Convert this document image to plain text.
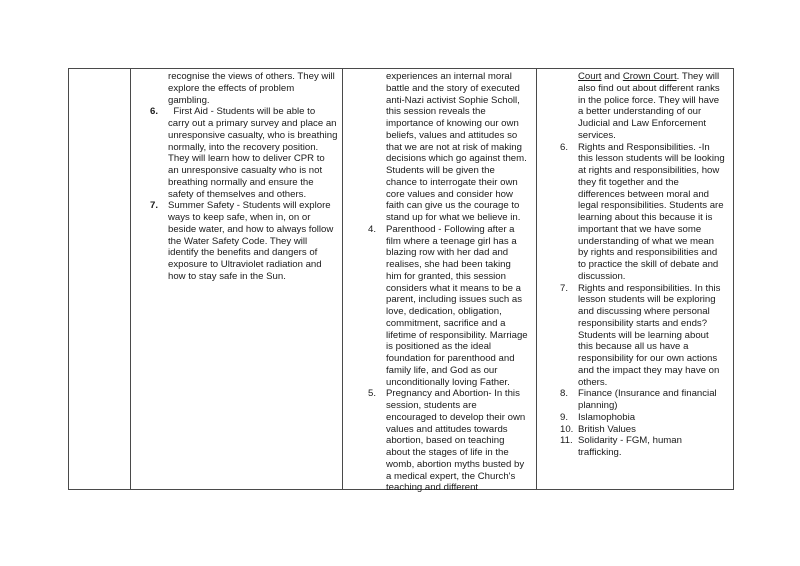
recognise the views of others. They will explore the effects of problem gambling.

6. First Aid - Students will be able to carry out a primary survey and place an unresponsive casualty, who is breathing normally, into the recovery position. They will learn how to deliver CPR to an unresponsive casualty who is not breathing normally and ensure the safety of themselves and others.

7. Summer Safety - Students will explore ways to keep safe, when in, on or beside water, and how to always follow the Water Safety Code. They will identify the benefits and dangers of exposure to Ultraviolet radiation and how to stay safe in the Sun.

experiences an internal moral battle and the story of executed anti-Nazi activist Sophie Scholl, this session reveals the importance of knowing our own beliefs, values and attitudes so that we are not at risk of making decisions which go against them. Students will be given the chance to interrogate their own core values and consider how faith can give us the courage to stand up for what we believe in.

4. Parenthood - Following after a film where a teenage girl has a blazing row with her dad and realises, she had been taking him for granted, this session considers what it means to be a parent, including issues such as love, dedication, obligation, commitment, sacrifice and a lifetime of responsibility. Marriage is positioned as the ideal foundation for parenthood and family life, and God as our unconditionally loving Father.

5. Pregnancy and Abortion- In this session, students are encouraged to develop their own values and attitudes towards abortion, based on teaching about the stages of life in the womb, abortion myths busted by a medical expert, the Church's teaching and different

Court and Crown Court. They will also find out about different ranks in the police force. They will have a better understanding of our Judicial and Law Enforcement services.

6. Rights and Responsibilities. -In this lesson students will be looking at rights and responsibilities, how they fit together and the differences between moral and legal responsibilities. Students are learning about this because it is important that we have some understanding of what we mean by rights and responsibilities and to practice the skill of debate and discussion.

7. Rights and responsibilities. In this lesson students will be exploring and discussing where personal responsibility starts and ends? Students will be learning about this because all us have a responsibility for our own actions and the impact they may have on others.

8. Finance (Insurance and financial planning)

9. Islamophobia

10. British Values

11. Solidarity - FGM, human trafficking.
